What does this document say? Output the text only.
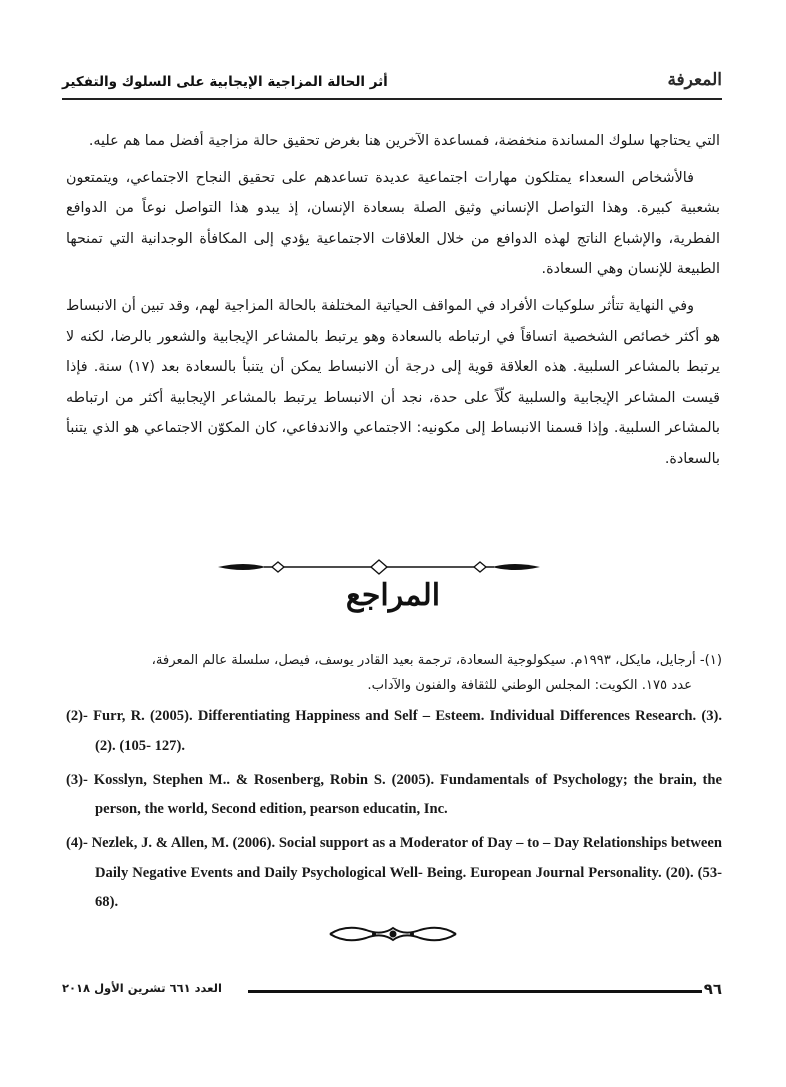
المعرفة
أثر الحالة المزاجية الإيجابية على السلوك والتفكير

التي يحتاجها سلوك المساندة منخفضة، فمساعدة الآخرين هنا بغرض تحقيق حالة مزاجية أفضل مما هم عليه.

فالأشخاص السعداء يمتلكون مهارات اجتماعية عديدة تساعدهم على تحقيق النجاح الاجتماعي، ويتمتعون بشعبية كبيرة. وهذا التواصل الإنساني وثيق الصلة بسعادة الإنسان، إذ يبدو هذا التواصل نوعاً من الدوافع الفطرية، والإشباع الناتج لهذه الدوافع من خلال العلاقات الاجتماعية يؤدي إلى المكافأة الوجدانية التي تمنحها الطبيعة للإنسان وهي السعادة.

وفي النهاية تتأثر سلوكيات الأفراد في المواقف الحياتية المختلفة بالحالة المزاجية لهم، وقد تبين أن الانبساط هو أكثر خصائص الشخصية اتساقاً في ارتباطه بالسعادة وهو يرتبط بالمشاعر الإيجابية والشعور بالرضا، لكنه لا يرتبط بالمشاعر السلبية. هذه العلاقة قوية إلى درجة أن الانبساط يمكن أن يتنبأ بالسعادة بعد (١٧) سنة. فإذا قيست المشاعر الإيجابية والسلبية كلّاً على حدة، نجد أن الانبساط يرتبط بالمشاعر الإيجابية أكثر من ارتباطه بالمشاعر السلبية. وإذا قسمنا الانبساط إلى مكونيه: الاجتماعي والاندفاعي، كان المكوّن الاجتماعي هو الذي يتنبأ بالسعادة.

المراجع
(١)- أرجايل، مايكل، ١٩٩٣م. سيكولوجية السعادة، ترجمة بعيد القادر يوسف، فيصل، سلسلة عالم المعرفة،
عدد ١٧٥. الكويت: المجلس الوطني للثقافة والفنون والآداب.
(2)- Furr, R. (2005). Differentiating Happiness and Self – Esteem. Individual Differences Research. (3). (2). (105- 127).
(3)- Kosslyn, Stephen M.. & Rosenberg, Robin S. (2005). Fundamentals of Psychology; the brain, the person, the world, Second edition, pearson educatin, Inc.
(4)- Nezlek, J. & Allen, M. (2006). Social support as a Moderator of Day – to – Day Relationships between Daily Negative Events and Daily Psychological Well- Being. European Journal Personality. (20). (53- 68).
٩٦
العدد ٦٦١ تشرين الأول ٢٠١٨
